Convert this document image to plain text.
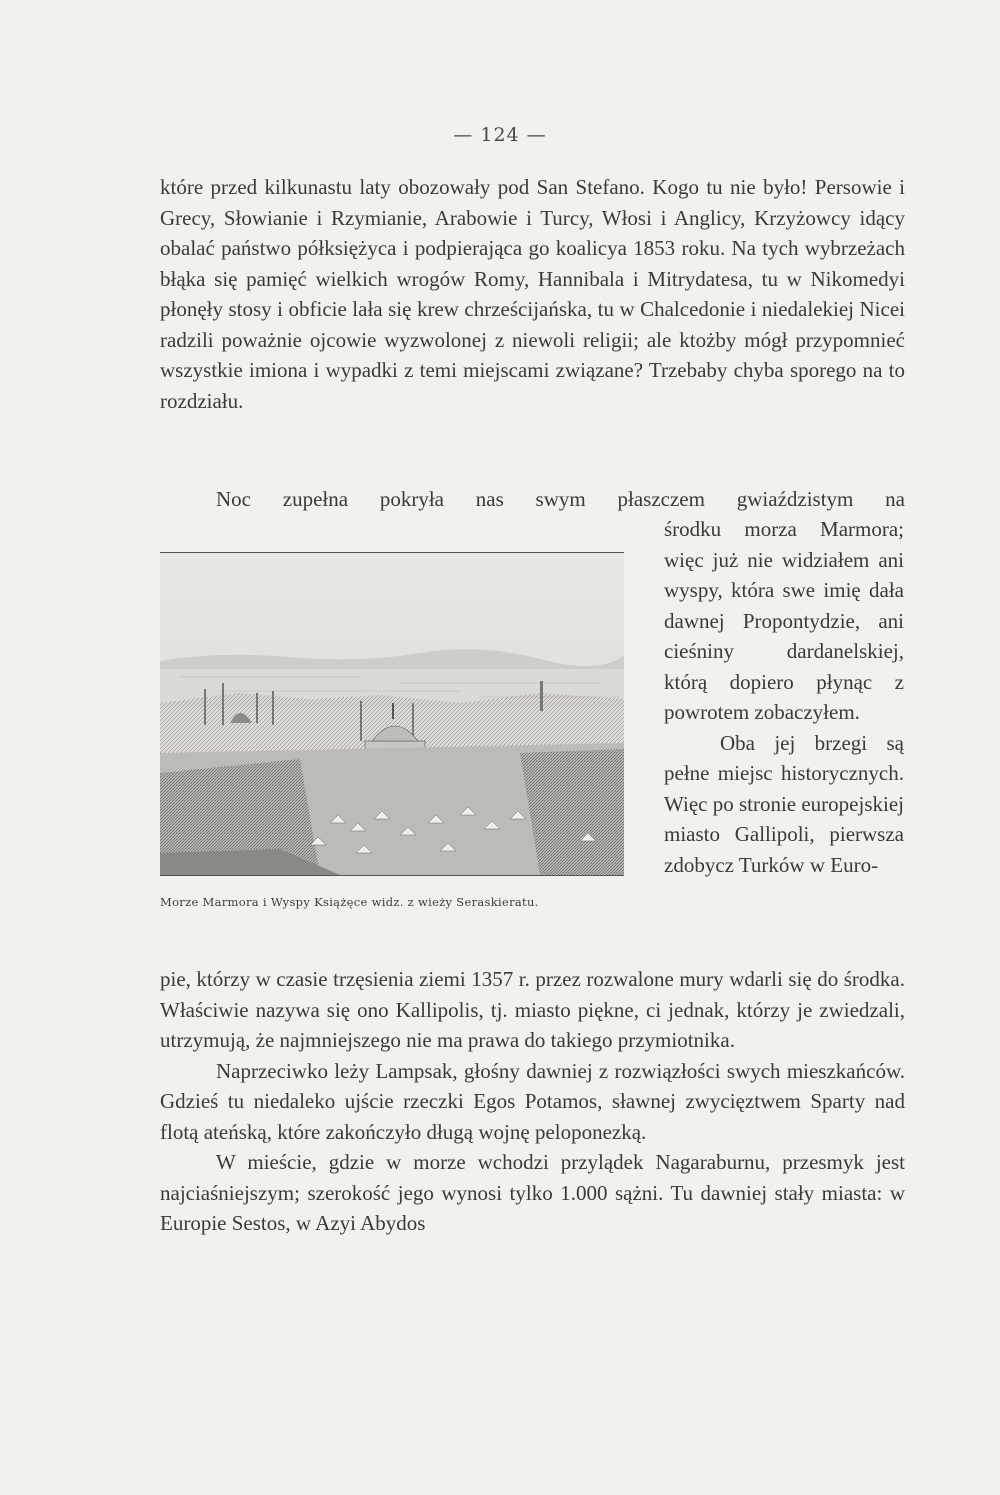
— 124 —

które przed kilkunastu laty obozowały pod San Stefano. Kogo tu nie było! Persowie i Grecy, Słowianie i Rzymianie, Arabowie i Turcy, Włosi i Anglicy, Krzyżowcy idący obalać państwo półksiężyca i podpierająca go koalicya 1853 roku. Na tych wybrzeżach błąka się pamięć wielkich wrogów Romy, Hannibala i Mitrydatesa, tu w Nikomedyi płonęły stosy i obficie lała się krew chrześcijańska, tu w Chalcedonie i niedalekiej Nicei radzili poważnie ojcowie wyzwolonej z niewoli religii; ale ktożby mógł przypomnieć wszystkie imiona i wypadki z temi miejscami związane? Trzebaby chyba sporego na to rozdziału.

Noc zupełna pokryła nas swym płaszczem gwiaździstym na

środku morza Marmora; więc już nie widziałem ani wyspy, która swe imię dała dawnej Propontydzie, ani cieśniny dardanelskiej, którą dopiero płynąc z powrotem zobaczyłem.

Oba jej brzegi są pełne miejsc historycznych. Więc po stronie europejskiej miasto Gallipoli, pierwsza zdobycz Turków w Euro-

Morze Marmora i Wyspy Książęce widz. z wieży Seraskieratu.

pie, którzy w czasie trzęsienia ziemi 1357 r. przez rozwalone mury wdarli się do środka. Właściwie nazywa się ono Kallipolis, tj. miasto piękne, ci jednak, którzy je zwiedzali, utrzymują, że najmniejszego nie ma prawa do takiego przymiotnika.

Naprzeciwko leży Lampsak, głośny dawniej z rozwiązłości swych mieszkańców. Gdzieś tu niedaleko ujście rzeczki Egos Potamos, sławnej zwycięztwem Sparty nad flotą ateńską, które zakończyło długą wojnę peloponezką.

W mieście, gdzie w morze wchodzi przylądek Nagaraburnu, przesmyk jest najciaśniejszym; szerokość jego wynosi tylko 1.000 sążni. Tu dawniej stały miasta: w Europie Sestos, w Azyi Abydos
